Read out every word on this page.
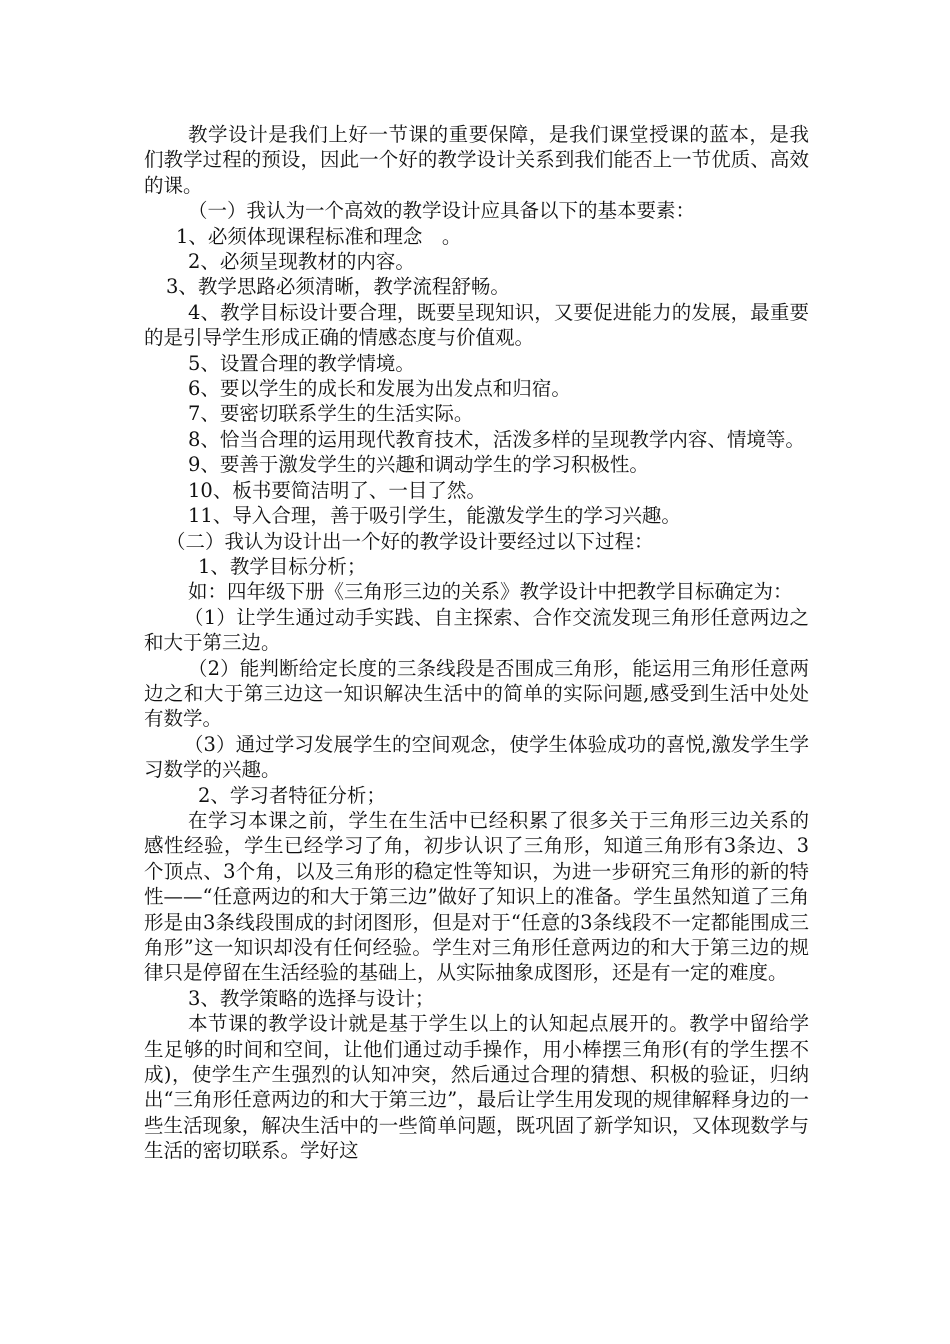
教学设计是我们上好一节课的重要保障，是我们课堂授课的蓝本，是我们教学过程的预设，因此一个好的教学设计关系到我们能否上一节优质、高效的课。

（一）我认为一个高效的教学设计应具备以下的基本要素：

1、必须体现课程标准和理念　。

2、必须呈现教材的内容。

3、教学思路必须清晰，教学流程舒畅。

4、教学目标设计要合理，既要呈现知识，又要促进能力的发展，最重要的是引导学生形成正确的情感态度与价值观。

5、设置合理的教学情境。

6、要以学生的成长和发展为出发点和归宿。

7、要密切联系学生的生活实际。

8、恰当合理的运用现代教育技术，活泼多样的呈现教学内容、情境等。

9、要善于激发学生的兴趣和调动学生的学习积极性。

10、板书要简洁明了、一目了然。

11、导入合理，善于吸引学生，能激发学生的学习兴趣。

（二）我认为设计出一个好的教学设计要经过以下过程：

1、教学目标分析；

如：四年级下册《三角形三边的关系》教学设计中把教学目标确定为：

（1）让学生通过动手实践、自主探索、合作交流发现三角形任意两边之和大于第三边。

（2）能判断给定长度的三条线段是否围成三角形，能运用三角形任意两边之和大于第三边这一知识解决生活中的简单的实际问题,感受到生活中处处有数学。

（3）通过学习发展学生的空间观念，使学生体验成功的喜悦,激发学生学习数学的兴趣。

2、学习者特征分析；

在学习本课之前，学生在生活中已经积累了很多关于三角形三边关系的感性经验，学生已经学习了角，初步认识了三角形，知道三角形有3条边、3个顶点、3个角，以及三角形的稳定性等知识，为进一步研究三角形的新的特性——“任意两边的和大于第三边”做好了知识上的准备。学生虽然知道了三角形是由3条线段围成的封闭图形，但是对于“任意的3条线段不一定都能围成三角形”这一知识却没有任何经验。学生对三角形任意两边的和大于第三边的规律只是停留在生活经验的基础上，从实际抽象成图形，还是有一定的难度。

3、教学策略的选择与设计；

本节课的教学设计就是基于学生以上的认知起点展开的。教学中留给学生足够的时间和空间，让他们通过动手操作，用小棒摆三角形(有的学生摆不成)，使学生产生强烈的认知冲突，然后通过合理的猜想、积极的验证，归纳出“三角形任意两边的和大于第三边”，最后让学生用发现的规律解释身边的一些生活现象，解决生活中的一些简单问题，既巩固了新学知识，又体现数学与生活的密切联系。学好这
